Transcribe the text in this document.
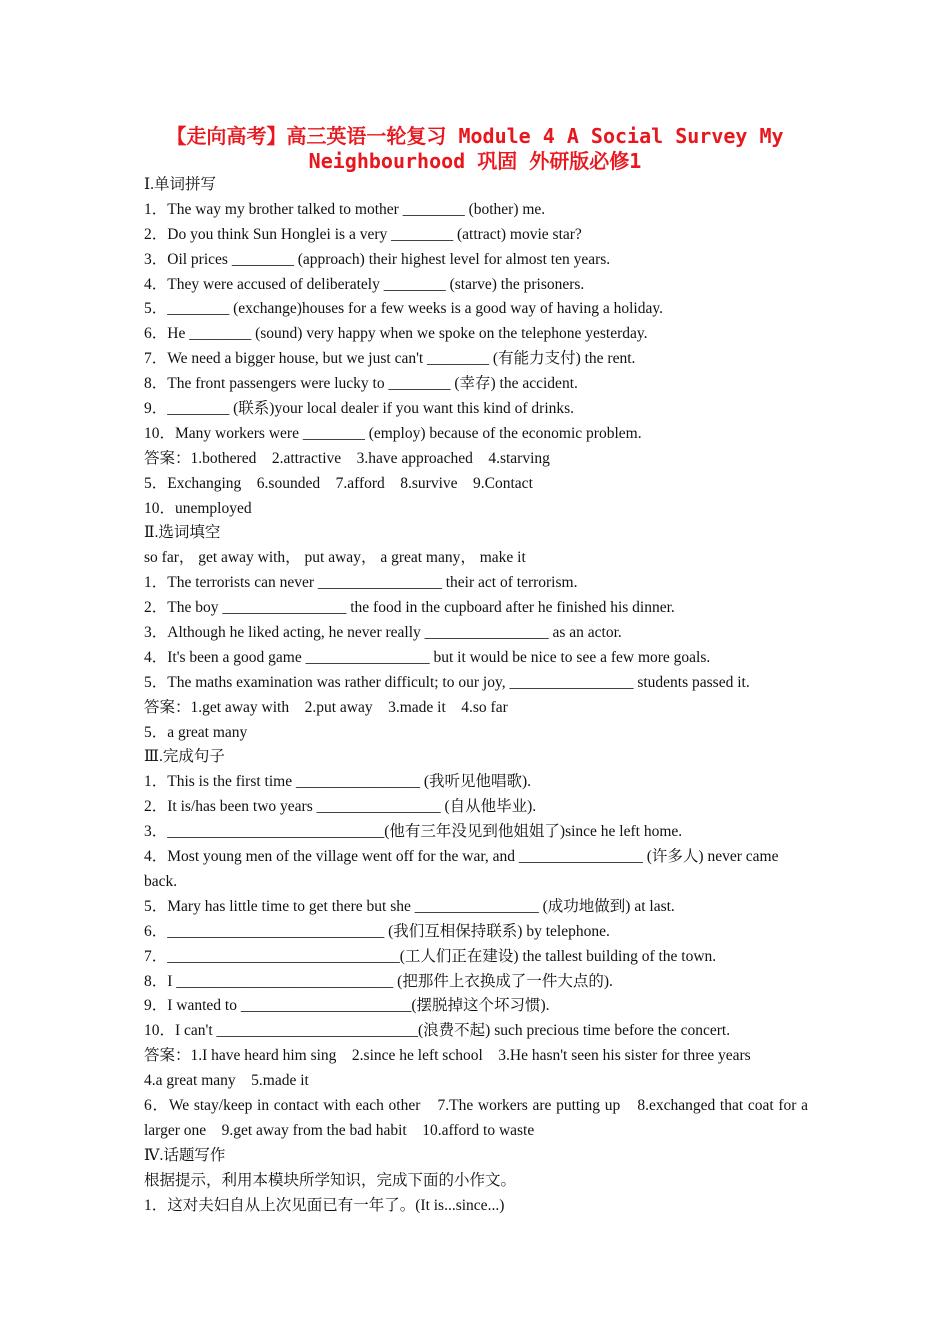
【走向高考】高三英语一轮复习 Module 4 A Social Survey My
Neighbourhood 巩固 外研版必修1
Ⅰ.单词拼写
1．The way my brother talked to mother ________ (bother) me.
2．Do you think Sun Honglei is a very ________ (attract) movie star?
3．Oil prices ________ (approach) their highest level for almost ten years.
4．They were accused of deliberately ________ (starve) the prisoners.
5．________ (exchange)houses for a few weeks is a good way of having a holiday.
6．He ________ (sound) very happy when we spoke on the telephone yesterday.
7．We need a bigger house, but we just can't ________ (有能力支付) the rent.
8．The front passengers were lucky to ________ (幸存) the accident.
9．________ (联系)your local dealer if you want this kind of drinks.
10．Many workers were ________ (employ) because of the economic problem.
答案：1.bothered　2.attractive　3.have approached　4.starving
5．Exchanging　6.sounded　7.afford　8.survive　9.Contact
10．unemployed
Ⅱ.选词填空
so far， get away with， put away， a great many， make it
1．The terrorists can never ________________ their act of terrorism.
2．The boy ________________ the food in the cupboard after he finished his dinner.
3．Although he liked acting, he never really ________________ as an actor.
4．It's been a good game ________________ but it would be nice to see a few more goals.
5．The maths examination was rather difficult; to our joy, ________________ students passed it.
答案：1.get away with　2.put away　3.made it　4.so far
5．a great many
Ⅲ.完成句子
1．This is the first time ________________ (我听见他唱歌).
2．It is/has been two years ________________ (自从他毕业).
3．____________________________(他有三年没见到他姐姐了)since he left home.
4．Most young men of the village went off for the war, and ________________ (许多人) never came back.
5．Mary has little time to get there but she ________________ (成功地做到) at last.
6．____________________________ (我们互相保持联系) by telephone.
7．______________________________(工人们正在建设) the tallest building of the town.
8．I ____________________________ (把那件上衣换成了一件大点的).
9．I wanted to ______________________(摆脱掉这个坏习惯).
10．I can't __________________________(浪费不起) such precious time before the concert.
答案：1.I have heard him sing　2.since he left school　3.He hasn't seen his sister for three years
4.a great many　5.made it
6．We stay/keep in contact with each other　7.The workers are putting up　8.exchanged that coat for a larger one　9.get away from the bad habit　10.afford to waste
Ⅳ.话题写作
根据提示，利用本模块所学知识，完成下面的小作文。
1．这对夫妇自从上次见面已有一年了。(It is...since...)
